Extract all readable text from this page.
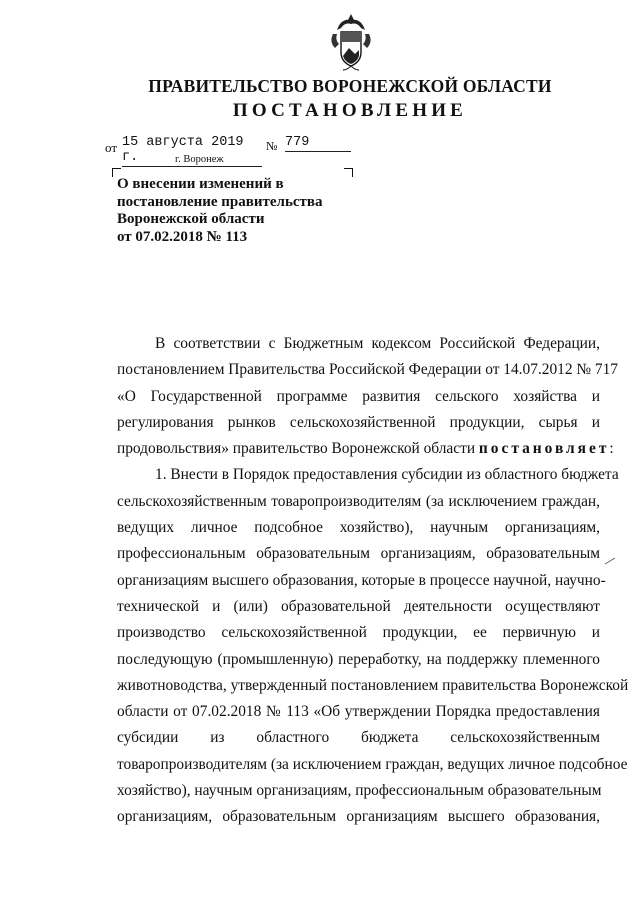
ПРАВИТЕЛЬСТВО ВОРОНЕЖСКОЙ ОБЛАСТИ
ПОСТАНОВЛЕНИЕ
от 15 августа 2019 г.
№ 779
г. Воронеж
О внесении изменений в
постановление правительства
Воронежской области
от 07.02.2018 № 113
В соответствии с Бюджетным кодексом Российской Федерации,
постановлением Правительства Российской Федерации от 14.07.2012 № 717
«О Государственной программе развития сельского хозяйства и
регулирования рынков сельскохозяйственной продукции, сырья и
продовольствия» правительство Воронежской области постановляет:
1. Внести в Порядок предоставления субсидии из областного бюджета
сельскохозяйственным товаропроизводителям (за исключением граждан,
ведущих личное подсобное хозяйство), научным организациям,
профессиональным образовательным организациям, образовательным
организациям высшего образования, которые в процессе научной, научно-
технической и (или) образовательной деятельности осуществляют
производство сельскохозяйственной продукции, ее первичную и
последующую (промышленную) переработку, на поддержку племенного
животноводства, утвержденный постановлением правительства Воронежской
области от 07.02.2018 № 113 «Об утверждении Порядка предоставления
субсидии из областного бюджета сельскохозяйственным
товаропроизводителям (за исключением граждан, ведущих личное подсобное
хозяйство), научным организациям, профессиональным образовательным
организациям, образовательным организациям высшего образования,
